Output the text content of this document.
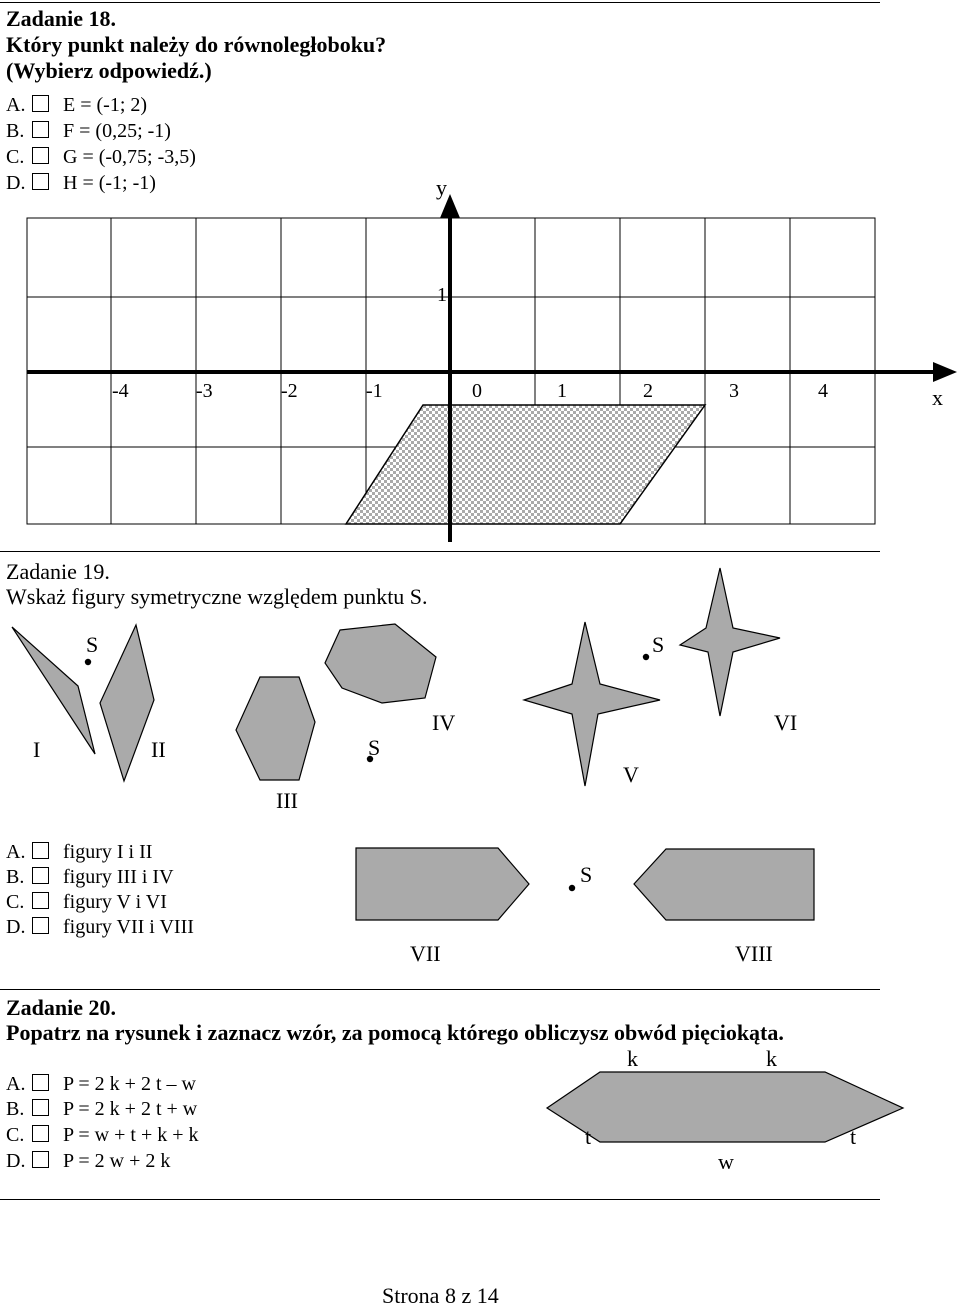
Zadanie 18.
Który punkt należy do równoległoboku?
(Wybierz odpowiedź.)
A. E = (-1; 2)
B. F = (0,25; -1)
C. G = (-0,75; -3,5)
D. H = (-1; -1)	y
x
1
-4	-3	-2	-1	0	1	2	3	4
Zadanie 19.
Wskaż figury symetryczne względem punktu S.
S	S
S
S
I	II
III
IV
V
VI
VII	VIII
A. figury I i II
B. figury III i IV
C. figury V i VI
D. figury VII i VIII
Zadanie 20.
Popatrz na rysunek i zaznacz wzór, za pomocą którego obliczysz obwód pięciokąta.
k	k
t	t
w
A. P = 2 k + 2 t – w
B. P = 2 k + 2 t + w
C. P = w + t + k + k
D. P = 2 w + 2 k
Strona 8 z 14
